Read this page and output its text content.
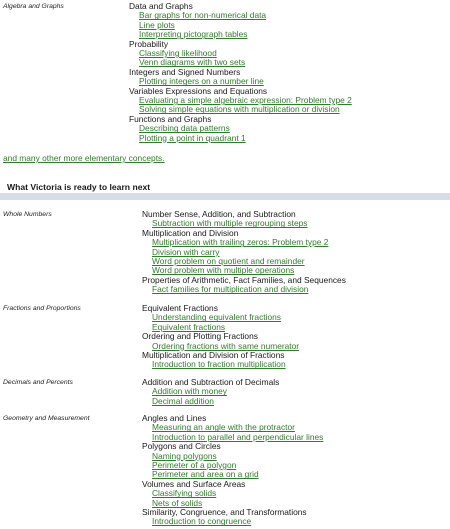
Algebra and Graphs	Data and Graphs
Bar graphs for non-numerical data
Line plots
Interpreting pictograph tables
Probability
Classifying likelihood
Venn diagrams with two sets
Integers and Signed Numbers
Plotting integers on a number line
Variables Expressions and Equations
Evaluating a simple algebraic expression: Problem type 2
Solving simple equations with multiplication or division
Functions and Graphs
Describing data patterns
Plotting a point in quadrant 1
and many other more elementary concepts.
What Victoria is ready to learn next
Whole Numbers	Number Sense, Addition, and Subtraction
Subtraction with multiple regrouping steps
Multiplication and Division
Multiplication with trailing zeros: Problem type 2
Division with carry
Word problem on quotient and remainder
Word problem with multiple operations
Properties of Arithmetic, Fact Families, and Sequences
Fact families for multiplication and division
Fractions and Proportions	Equivalent Fractions
Understanding equivalent fractions
Equivalent fractions
Ordering and Plotting Fractions
Ordering fractions with same numerator
Multiplication and Division of Fractions
Introduction to fraction multiplication
Decimals and Percents	Addition and Subtraction of Decimals
Addition with money
Decimal addition
Geometry and Measurement	Angles and Lines
Measuring an angle with the protractor
Introduction to parallel and perpendicular lines
Polygons and Circles
Naming polygons
Perimeter of a polygon
Perimeter and area on a grid
Volumes and Surface Areas
Classifying solids
Nets of solids
Similarity, Congruence, and Transformations
Introduction to congruence
